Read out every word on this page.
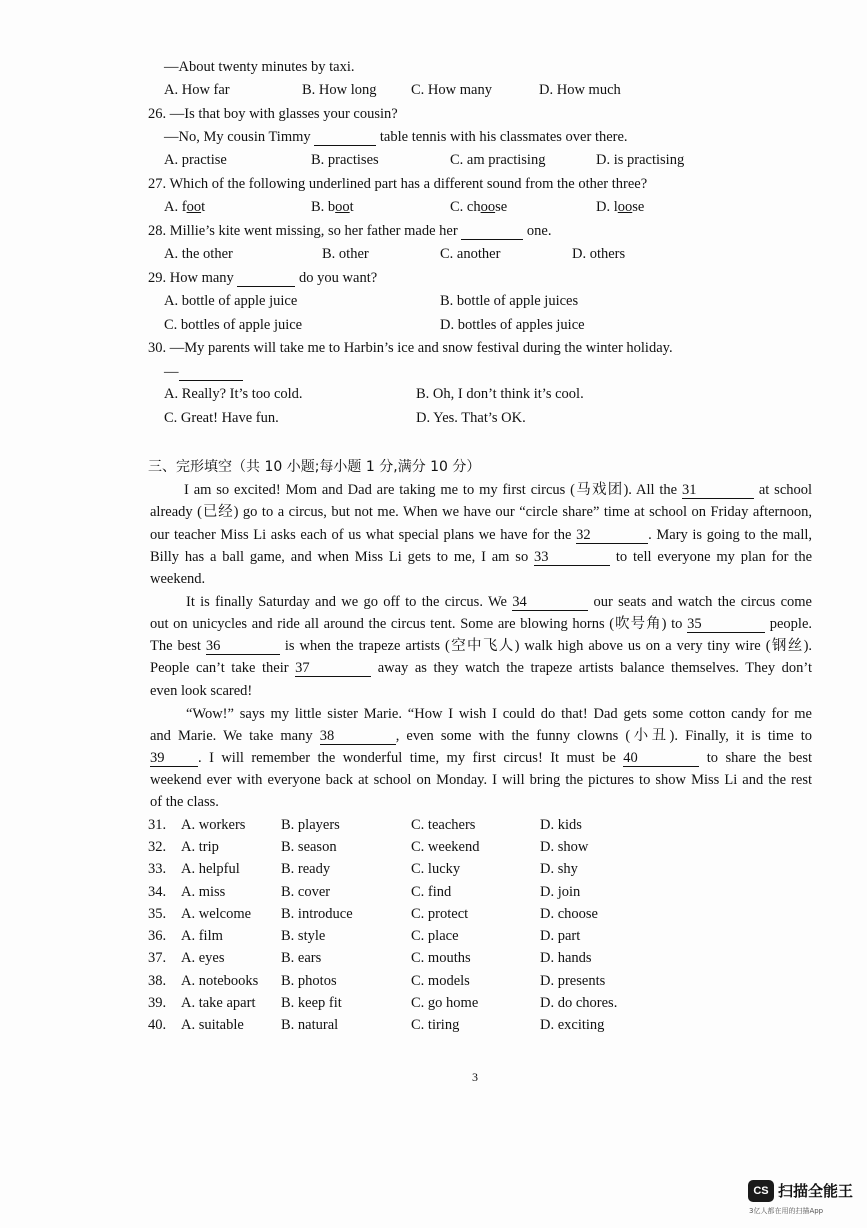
—About twenty minutes by taxi.
A. How far	B. How long C. How many	D. How much
26. —Is that boy with glasses your cousin?
—No, My cousin Timmy	table tennis with his classmates over there.
A. practise	B. practises	C. am practising	D. is practising
27. Which of the following underlined part has a different sound from the other three?
A. foot	B. boot	C. choose	D. loose
28. Millie’s kite went missing, so her father made her	one.
A. the other	B. other	C. another	D. others
29. How many	do you want?
A. bottle of apple juice	B. bottle of apple juices
C. bottles of apple juice	D. bottles of apples juice
30. —My parents will take me to Harbin’s ice and snow festival during the winter holiday.
—
A. Really? It’s too cold.	B. Oh, I don’t think it’s cool.
C. Great! Have fun.	D. Yes. That’s OK.
三、完形填空（共 10 小题;每小题 1 分,满分 10 分）
I am so excited! Mom and Dad are taking me to my first circus (马戏团). All the 31	at school
already (已经) go to a circus, but not me. When we have our “circle share” time at school on Friday afternoon,
our teacher Miss Li asks each of us what special plans we have for the 32	. Mary is going to the mall,
Billy has a ball game, and when Miss Li gets to me, I am so 33	to tell everyone my plan for the
weekend.
It is finally Saturday and we go off to the circus. We 34	our seats and watch the circus come
out on unicycles and ride all around the circus tent. Some are blowing horns (吹号角) to 35	people.
The best 36	is when the trapeze artists (空中飞人) walk high above us on a very tiny wire (钢丝).
People can’t take their 37	away as they watch the trapeze artists balance themselves. They don’t
even look scared!
“Wow!” says my little sister Marie. “How I wish I could do that! Dad gets some cotton candy for me
and Marie. We take many 38	, even some with the funny clowns (小丑). Finally, it is time to
39 . I will remember the wonderful time, my first circus! It must be 40	to share the best
weekend ever with everyone back at school on Monday. I will bring the pictures to show Miss Li and the rest
of the class.
31. A. workers B. players	C. teachers	D. kids
32. A. trip	B. season	C. weekend	D. show
33. A. helpful	B. ready	C. lucky	D. shy
34. A. miss	B. cover	C. find	D. join
35. A. welcome B. introduce	C. protect	D. choose
36. A. film	B. style	C. place	D. part
37. A. eyes	B. ears	C. mouths	D. hands
38. A. notebooks B. photos	C. models	D. presents
39. A. take apart B. keep fit	C. go home	D. do chores.
40. A. suitable	B. natural	C. tiring	D. exciting
3
CS 扫描全能王
3亿人都在用的扫描App
